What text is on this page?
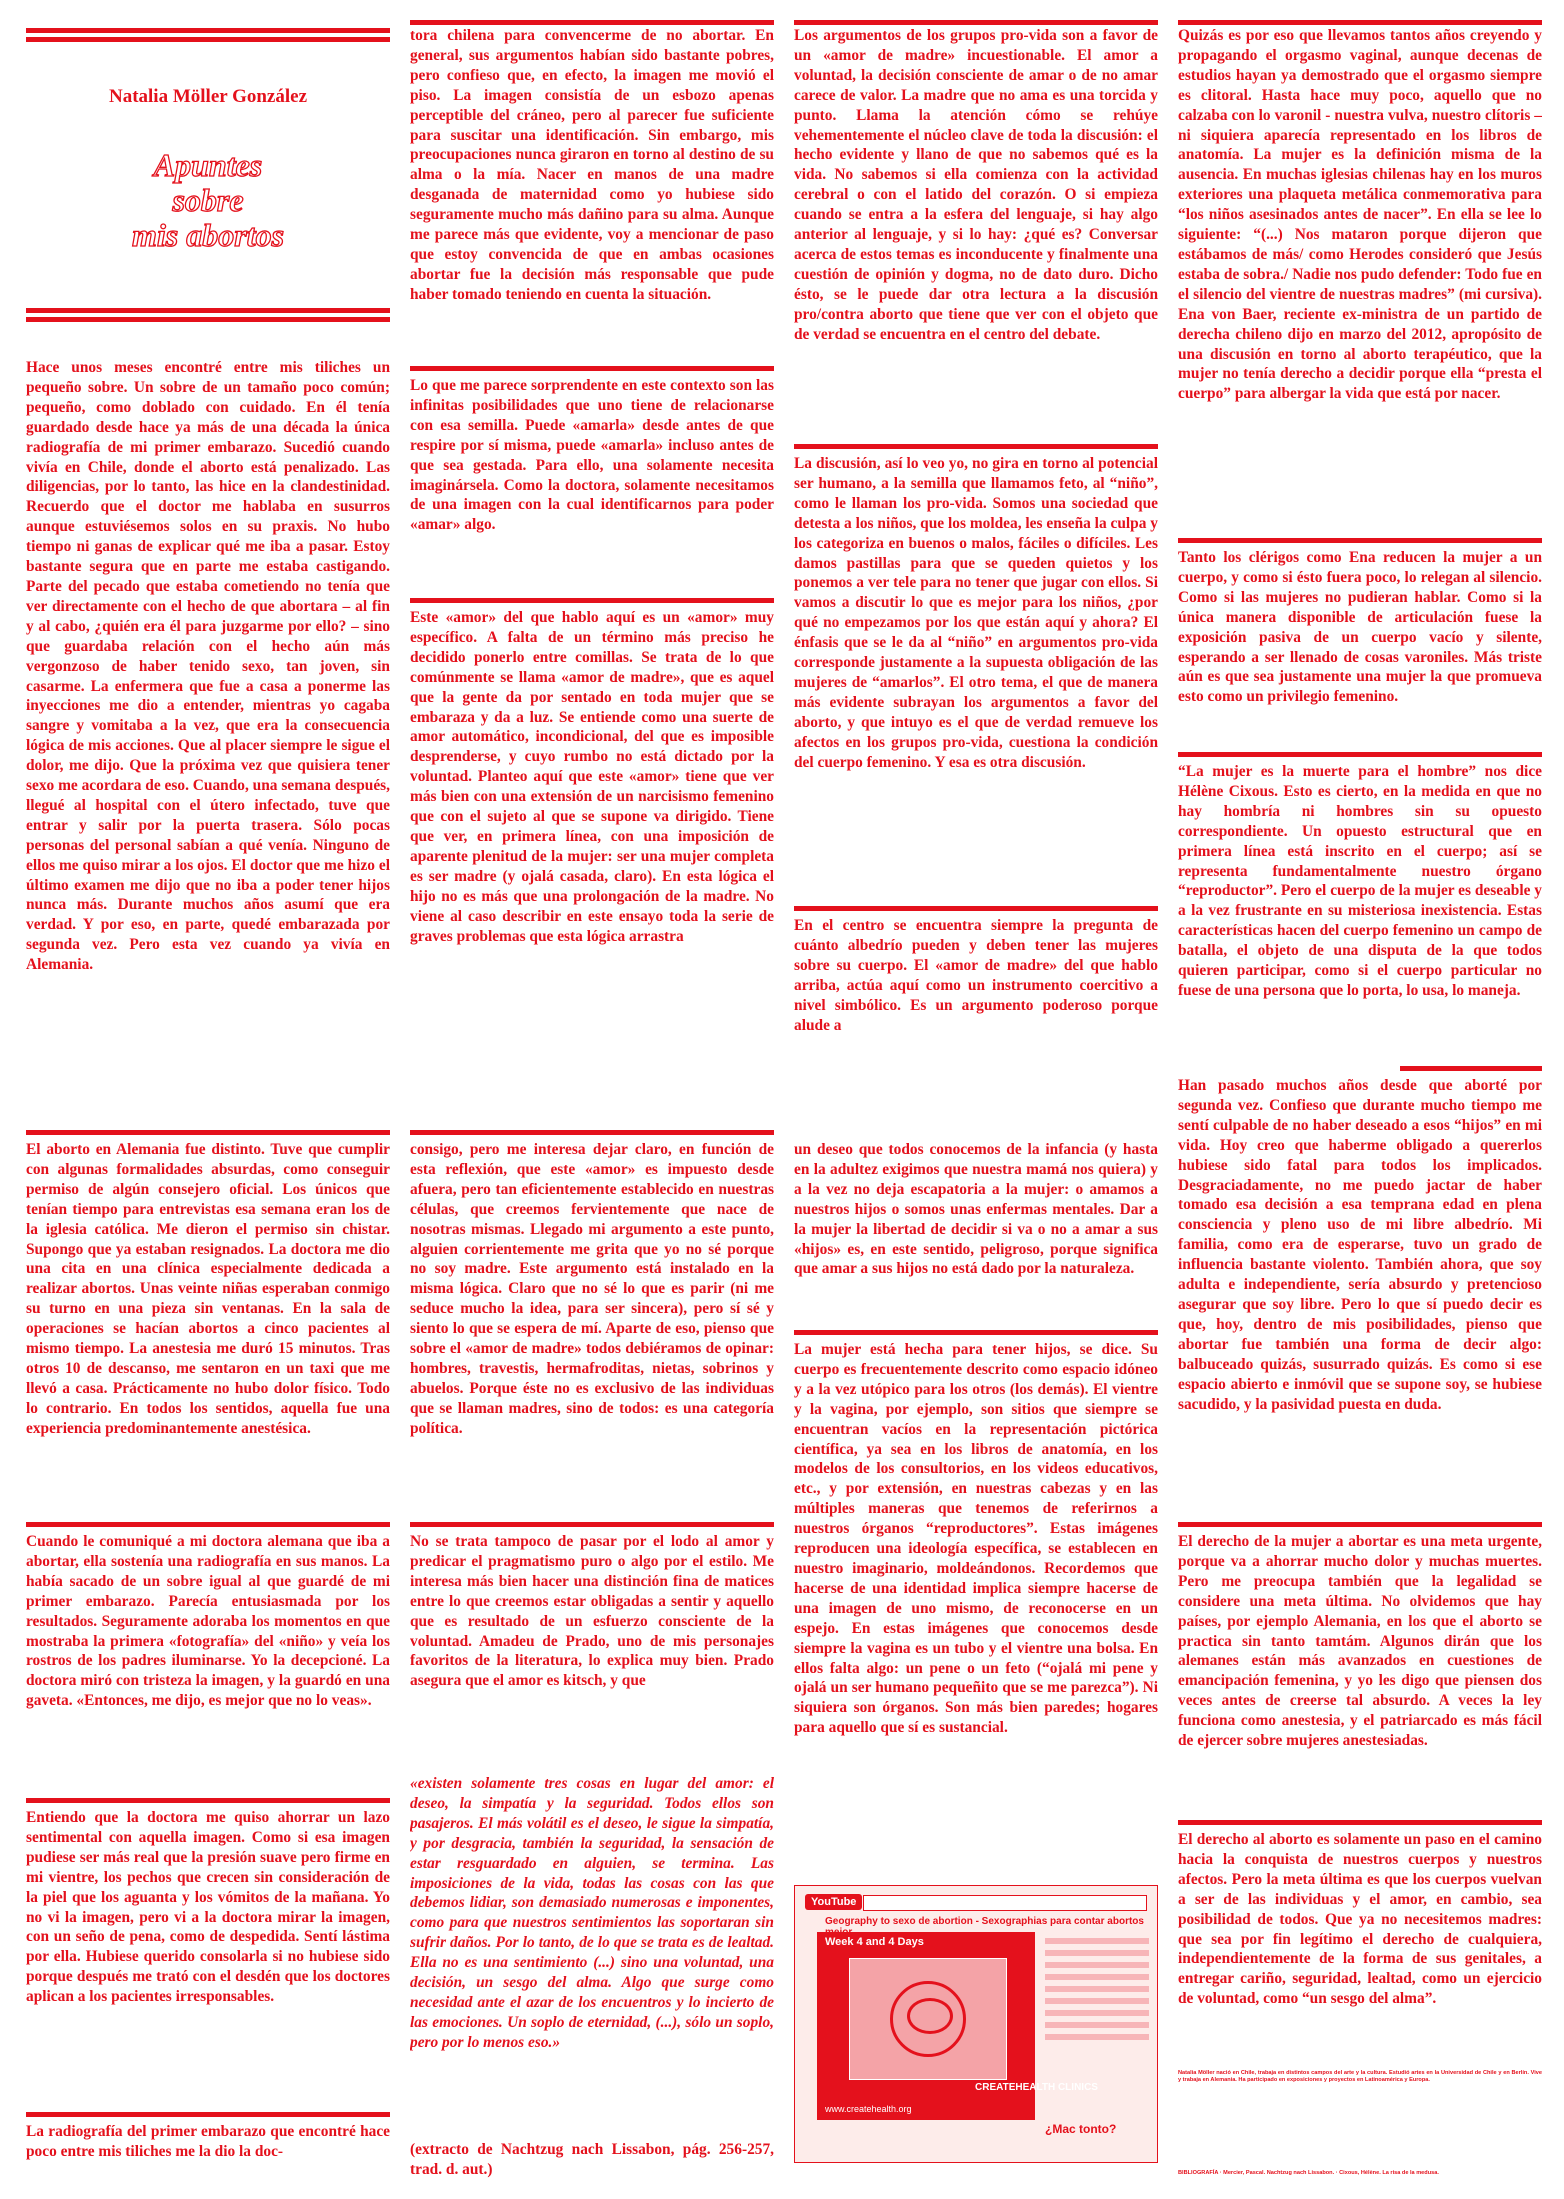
Natalia Möller González

Apuntes
sobre
mis abortos

Hace unos meses encontré entre mis tiliches un pequeño sobre. Un sobre de un tamaño poco común; pequeño, como doblado con cuidado. En él tenía guardado desde hace ya más de una década la única radiografía de mi primer embarazo. Sucedió cuando vivía en Chile, donde el aborto está penalizado. Las diligencias, por lo tanto, las hice en la clandestinidad. Recuerdo que el doctor me hablaba en susurros aunque estuviésemos solos en su praxis. No hubo tiempo ni ganas de explicar qué me iba a pasar. Estoy bastante segura que en parte me estaba castigando. Parte del pecado que estaba cometiendo no tenía que ver directamente con el hecho de que abortara – al fin y al cabo, ¿quién era él para juzgarme por ello? – sino que guardaba relación con el hecho aún más vergonzoso de haber tenido sexo, tan joven, sin casarme. La enfermera que fue a casa a ponerme las inyecciones me dio a entender, mientras yo cagaba sangre y vomitaba a la vez, que era la consecuencia lógica de mis acciones. Que al placer siempre le sigue el dolor, me dijo. Que la próxima vez que quisiera tener sexo me acordara de eso. Cuando, una semana después, llegué al hospital con el útero infectado, tuve que entrar y salir por la puerta trasera. Sólo pocas personas del personal sabían a qué venía. Ninguno de ellos me quiso mirar a los ojos. El doctor que me hizo el último examen me dijo que no iba a poder tener hijos nunca más. Durante muchos años asumí que era verdad. Y por eso, en parte, quedé embarazada por segunda vez. Pero esta vez cuando ya vivía en Alemania.

El aborto en Alemania fue distinto. Tuve que cumplir con algunas formalidades absurdas, como conseguir permiso de algún consejero oficial. Los únicos que tenían tiempo para entrevistas esa semana eran los de la iglesia católica. Me dieron el permiso sin chistar. Supongo que ya estaban resignados. La doctora me dio una cita en una clínica especialmente dedicada a realizar abortos. Unas veinte niñas esperaban conmigo su turno en una pieza sin ventanas. En la sala de operaciones se hacían abortos a cinco pacientes al mismo tiempo. La anestesia me duró 15 minutos. Tras otros 10 de descanso, me sentaron en un taxi que me llevó a casa. Prácticamente no hubo dolor físico. Todo lo contrario. En todos los sentidos, aquella fue una experiencia predominantemente anestésica.

Cuando le comuniqué a mi doctora alemana que iba a abortar, ella sostenía una radiografía en sus manos. La había sacado de un sobre igual al que guardé de mi primer embarazo. Parecía entusiasmada por los resultados. Seguramente adoraba los momentos en que mostraba la primera «fotografía» del «niño» y veía los rostros de los padres iluminarse. Yo la decepcioné. La doctora miró con tristeza la imagen, y la guardó en una gaveta. «Entonces, me dijo, es mejor que no lo veas».

Entiendo que la doctora me quiso ahorrar un lazo sentimental con aquella imagen. Como si esa imagen pudiese ser más real que la presión suave pero firme en mi vientre, los pechos que crecen sin consideración de la piel que los aguanta y los vómitos de la mañana. Yo no vi la imagen, pero vi a la doctora mirar la imagen, con un seño de pena, como de despedida. Sentí lástima por ella. Hubiese querido consolarla si no hubiese sido porque después me trató con el desdén que los doctores aplican a los pacientes irresponsables.

La radiografía del primer embarazo que encontré hace poco entre mis tiliches me la dio la doc-

tora chilena para convencerme de no abortar. En general, sus argumentos habían sido bastante pobres, pero confieso que, en efecto, la imagen me movió el piso. La imagen consistía de un esbozo apenas perceptible del cráneo, pero al parecer fue suficiente para suscitar una identificación. Sin embargo, mis preocupaciones nunca giraron en torno al destino de su alma o la mía. Nacer en manos de una madre desganada de maternidad como yo hubiese sido seguramente mucho más dañino para su alma. Aunque me parece más que evidente, voy a mencionar de paso que estoy convencida de que en ambas ocasiones abortar fue la decisión más responsable que pude haber tomado teniendo en cuenta la situación.

Lo que me parece sorprendente en este contexto son las infinitas posibilidades que uno tiene de relacionarse con esa semilla. Puede «amarla» desde antes de que respire por sí misma, puede «amarla» incluso antes de que sea gestada. Para ello, una solamente necesita imaginársela. Como la doctora, solamente necesitamos de una imagen con la cual identificarnos para poder «amar» algo.

Este «amor» del que hablo aquí es un «amor» muy específico. A falta de un término más preciso he decidido ponerlo entre comillas. Se trata de lo que comúnmente se llama «amor de madre», que es aquel que la gente da por sentado en toda mujer que se embaraza y da a luz. Se entiende como una suerte de amor automático, incondicional, del que es imposible desprenderse, y cuyo rumbo no está dictado por la voluntad. Planteo aquí que este «amor» tiene que ver más bien con una extensión de un narcisismo femenino que con el sujeto al que se supone va dirigido. Tiene que ver, en primera línea, con una imposición de aparente plenitud de la mujer: ser una mujer completa es ser madre (y ojalá casada, claro). En esta lógica el hijo no es más que una prolongación de la madre. No viene al caso describir en este ensayo toda la serie de graves problemas que esta lógica arrastra

consigo, pero me interesa dejar claro, en función de esta reflexión, que este «amor» es impuesto desde afuera, pero tan eficientemente establecido en nuestras células, que creemos fervientemente que nace de nosotras mismas. Llegado mi argumento a este punto, alguien corrientemente me grita que yo no sé porque no soy madre. Este argumento está instalado en la misma lógica. Claro que no sé lo que es parir (ni me seduce mucho la idea, para ser sincera), pero sí sé y siento lo que se espera de mí. Aparte de eso, pienso que sobre el «amor de madre» todos debiéramos de opinar: hombres, travestis, hermafroditas, nietas, sobrinos y abuelos. Porque éste no es exclusivo de las individuas que se llaman madres, sino de todos: es una categoría política.

No se trata tampoco de pasar por el lodo al amor y predicar el pragmatismo puro o algo por el estilo. Me interesa más bien hacer una distinción fina de matices entre lo que creemos estar obligadas a sentir y aquello que es resultado de un esfuerzo consciente de la voluntad. Amadeu de Prado, uno de mis personajes favoritos de la literatura, lo explica muy bien. Prado asegura que el amor es kitsch, y que

«existen solamente tres cosas en lugar del amor: el deseo, la simpatía y la seguridad. Todos ellos son pasajeros. El más volátil es el deseo, le sigue la simpatía, y por desgracia, también la seguridad, la sensación de estar resguardado en alguien, se termina. Las imposiciones de la vida, todas las cosas con las que debemos lidiar, son demasiado numerosas e imponentes, como para que nuestros sentimientos las soportaran sin sufrir daños. Por lo tanto, de lo que se trata es de lealtad. Ella no es una sentimiento (...) sino una voluntad, una decisión, un sesgo del alma. Algo que surge como necesidad ante el azar de los encuentros y lo incierto de las emociones. Un soplo de eternidad, (...), sólo un soplo, pero por lo menos eso.»

(extracto de Nachtzug nach Lissabon, pág. 256-257, trad. d. aut.)

Los argumentos de los grupos pro-vida son a favor de un «amor de madre» incuestionable. El amor a voluntad, la decisión consciente de amar o de no amar carece de valor. La madre que no ama es una torcida y punto. Llama la atención cómo se rehúye vehementemente el núcleo clave de toda la discusión: el hecho evidente y llano de que no sabemos qué es la vida. No sabemos si ella comienza con la actividad cerebral o con el latido del corazón. O si empieza cuando se entra a la esfera del lenguaje, si hay algo anterior al lenguaje, y si lo hay: ¿qué es? Conversar acerca de estos temas es inconducente y finalmente una cuestión de opinión y dogma, no de dato duro. Dicho ésto, se le puede dar otra lectura a la discusión pro/contra aborto que tiene que ver con el objeto que de verdad se encuentra en el centro del debate.

La discusión, así lo veo yo, no gira en torno al potencial ser humano, a la semilla que llamamos feto, al “niño”, como le llaman los pro-vida. Somos una sociedad que detesta a los niños, que los moldea, les enseña la culpa y los categoriza en buenos o malos, fáciles o difíciles. Les damos pastillas para que se queden quietos y los ponemos a ver tele para no tener que jugar con ellos. Si vamos a discutir lo que es mejor para los niños, ¿por qué no empezamos por los que están aquí y ahora? El énfasis que se le da al “niño” en argumentos pro-vida corresponde justamente a la supuesta obligación de las mujeres de “amarlos”. El otro tema, el que de manera más evidente subrayan los argumentos a favor del aborto, y que intuyo es el que de verdad remueve los afectos en los grupos pro-vida, cuestiona la condición del cuerpo femenino. Y esa es otra discusión.

En el centro se encuentra siempre la pregunta de cuánto albedrío pueden y deben tener las mujeres sobre su cuerpo. El «amor de madre» del que hablo arriba, actúa aquí como un instrumento coercitivo a nivel simbólico. Es un argumento poderoso porque alude a

un deseo que todos conocemos de la infancia (y hasta en la adultez exigimos que nuestra mamá nos quiera) y a la vez no deja escapatoria a la mujer: o amamos a nuestros hijos o somos unas enfermas mentales. Dar a la mujer la libertad de decidir si va o no a amar a sus «hijos» es, en este sentido, peligroso, porque significa que amar a sus hijos no está dado por la naturaleza.

La mujer está hecha para tener hijos, se dice. Su cuerpo es frecuentemente descrito como espacio idóneo y a la vez utópico para los otros (los demás). El vientre y la vagina, por ejemplo, son sitios que siempre se encuentran vacíos en la representación pictórica científica, ya sea en los libros de anatomía, en los modelos de los consultorios, en los videos educativos, etc., y por extensión, en nuestras cabezas y en las múltiples maneras que tenemos de referirnos a nuestros órganos “reproductores”. Estas imágenes reproducen una ideología específica, se establecen en nuestro imaginario, moldeándonos. Recordemos que hacerse de una identidad implica siempre hacerse de una imagen de uno mismo, de reconocerse en un espejo. En estas imágenes que conocemos desde siempre la vagina es un tubo y el vientre una bolsa. En ellos falta algo: un pene o un feto (“ojalá mi pene y ojalá un ser humano pequeñito que se me parezca”). Ni siquiera son órganos. Son más bien paredes; hogares para aquello que sí es sustancial.

YouTube
Geography to sexo de abortion - Sexographias para contar abortos
Week 4 and 4 Days
www.createhealth.org
CREATEHEALTH CLINICS
¿Mac tonto?

Quizás es por eso que llevamos tantos años creyendo y propagando el orgasmo vaginal, aunque decenas de estudios hayan ya demostrado que el orgasmo siempre es clitoral. Hasta hace muy poco, aquello que no calzaba con lo varonil - nuestra vulva, nuestro clítoris – ni siquiera aparecía representado en los libros de anatomía. La mujer es la definición misma de la ausencia. En muchas iglesias chilenas hay en los muros exteriores una plaqueta metálica conmemorativa para “los niños asesinados antes de nacer”. En ella se lee lo siguiente: “(...) Nos mataron porque dijeron que estábamos de más/ como Herodes consideró que Jesús estaba de sobra./ Nadie nos pudo defender: Todo fue en el silencio del vientre de nuestras madres” (mi cursiva). Ena von Baer, reciente ex-ministra de un partido de derecha chileno dijo en marzo del 2012, apropósito de una discusión en torno al aborto terapéutico, que la mujer no tenía derecho a decidir porque ella “presta el cuerpo” para albergar la vida que está por nacer.

Tanto los clérigos como Ena reducen la mujer a un cuerpo, y como si ésto fuera poco, lo relegan al silencio. Como si las mujeres no pudieran hablar. Como si la única manera disponible de articulación fuese la exposición pasiva de un cuerpo vacío y silente, esperando a ser llenado de cosas varoniles. Más triste aún es que sea justamente una mujer la que promueva esto como un privilegio femenino.

“La mujer es la muerte para el hombre” nos dice Hélène Cixous. Esto es cierto, en la medida en que no hay hombría ni hombres sin su opuesto correspondiente. Un opuesto estructural que en primera línea está inscrito en el cuerpo; así se representa fundamentalmente nuestro órgano “reproductor”. Pero el cuerpo de la mujer es deseable y a la vez frustrante en su misteriosa inexistencia. Estas características hacen del cuerpo femenino un campo de batalla, el objeto de una disputa de la que todos quieren participar, como si el cuerpo particular no fuese de una persona que lo porta, lo usa, lo maneja.

Han pasado muchos años desde que aborté por segunda vez. Confieso que durante mucho tiempo me sentí culpable de no haber deseado a esos “hijos” en mi vida. Hoy creo que haberme obligado a quererlos hubiese sido fatal para todos los implicados. Desgraciadamente, no me puedo jactar de haber tomado esa decisión a esa temprana edad en plena consciencia y pleno uso de mi libre albedrío. Mi familia, como era de esperarse, tuvo un grado de influencia bastante violento. También ahora, que soy adulta e independiente, sería absurdo y pretencioso asegurar que soy libre. Pero lo que sí puedo decir es que, hoy, dentro de mis posibilidades, pienso que abortar fue también una forma de decir algo: balbuceado quizás, susurrado quizás. Es como si ese espacio abierto e inmóvil que se supone soy, se hubiese sacudido, y la pasividad puesta en duda.

El derecho de la mujer a abortar es una meta urgente, porque va a ahorrar mucho dolor y muchas muertes. Pero me preocupa también que la legalidad se considere una meta última. No olvidemos que hay países, por ejemplo Alemania, en los que el aborto se practica sin tanto tamtám. Algunos dirán que los alemanes están más avanzados en cuestiones de emancipación femenina, y yo les digo que piensen dos veces antes de creerse tal absurdo. A veces la ley funciona como anestesia, y el patriarcado es más fácil de ejercer sobre mujeres anestesiadas.

El derecho al aborto es solamente un paso en el camino hacia la conquista de nuestros cuerpos y nuestros afectos. Pero la meta última es que los cuerpos vuelvan a ser de las individuas y el amor, en cambio, sea posibilidad de todos. Que ya no necesitemos madres: que sea por fin legítimo el derecho de cualquiera, independientemente de la forma de sus genitales, a entregar cariño, seguridad, lealtad, como un ejercicio de voluntad, como “un sesgo del alma”.

Natalia Möller nació en Chile, trabaja en distintos campos del arte y la cultura. Estudió artes en la Universidad de Chile y en Berlín. Vive y trabaja en Alemania. Ha participado en exposiciones y proyectos en Latinoamérica y Europa.

BIBLIOGRAFÍA · Mercier, Pascal. Nachtzug nach Lissabon. · Cixous, Hélène. La risa de la medusa.
